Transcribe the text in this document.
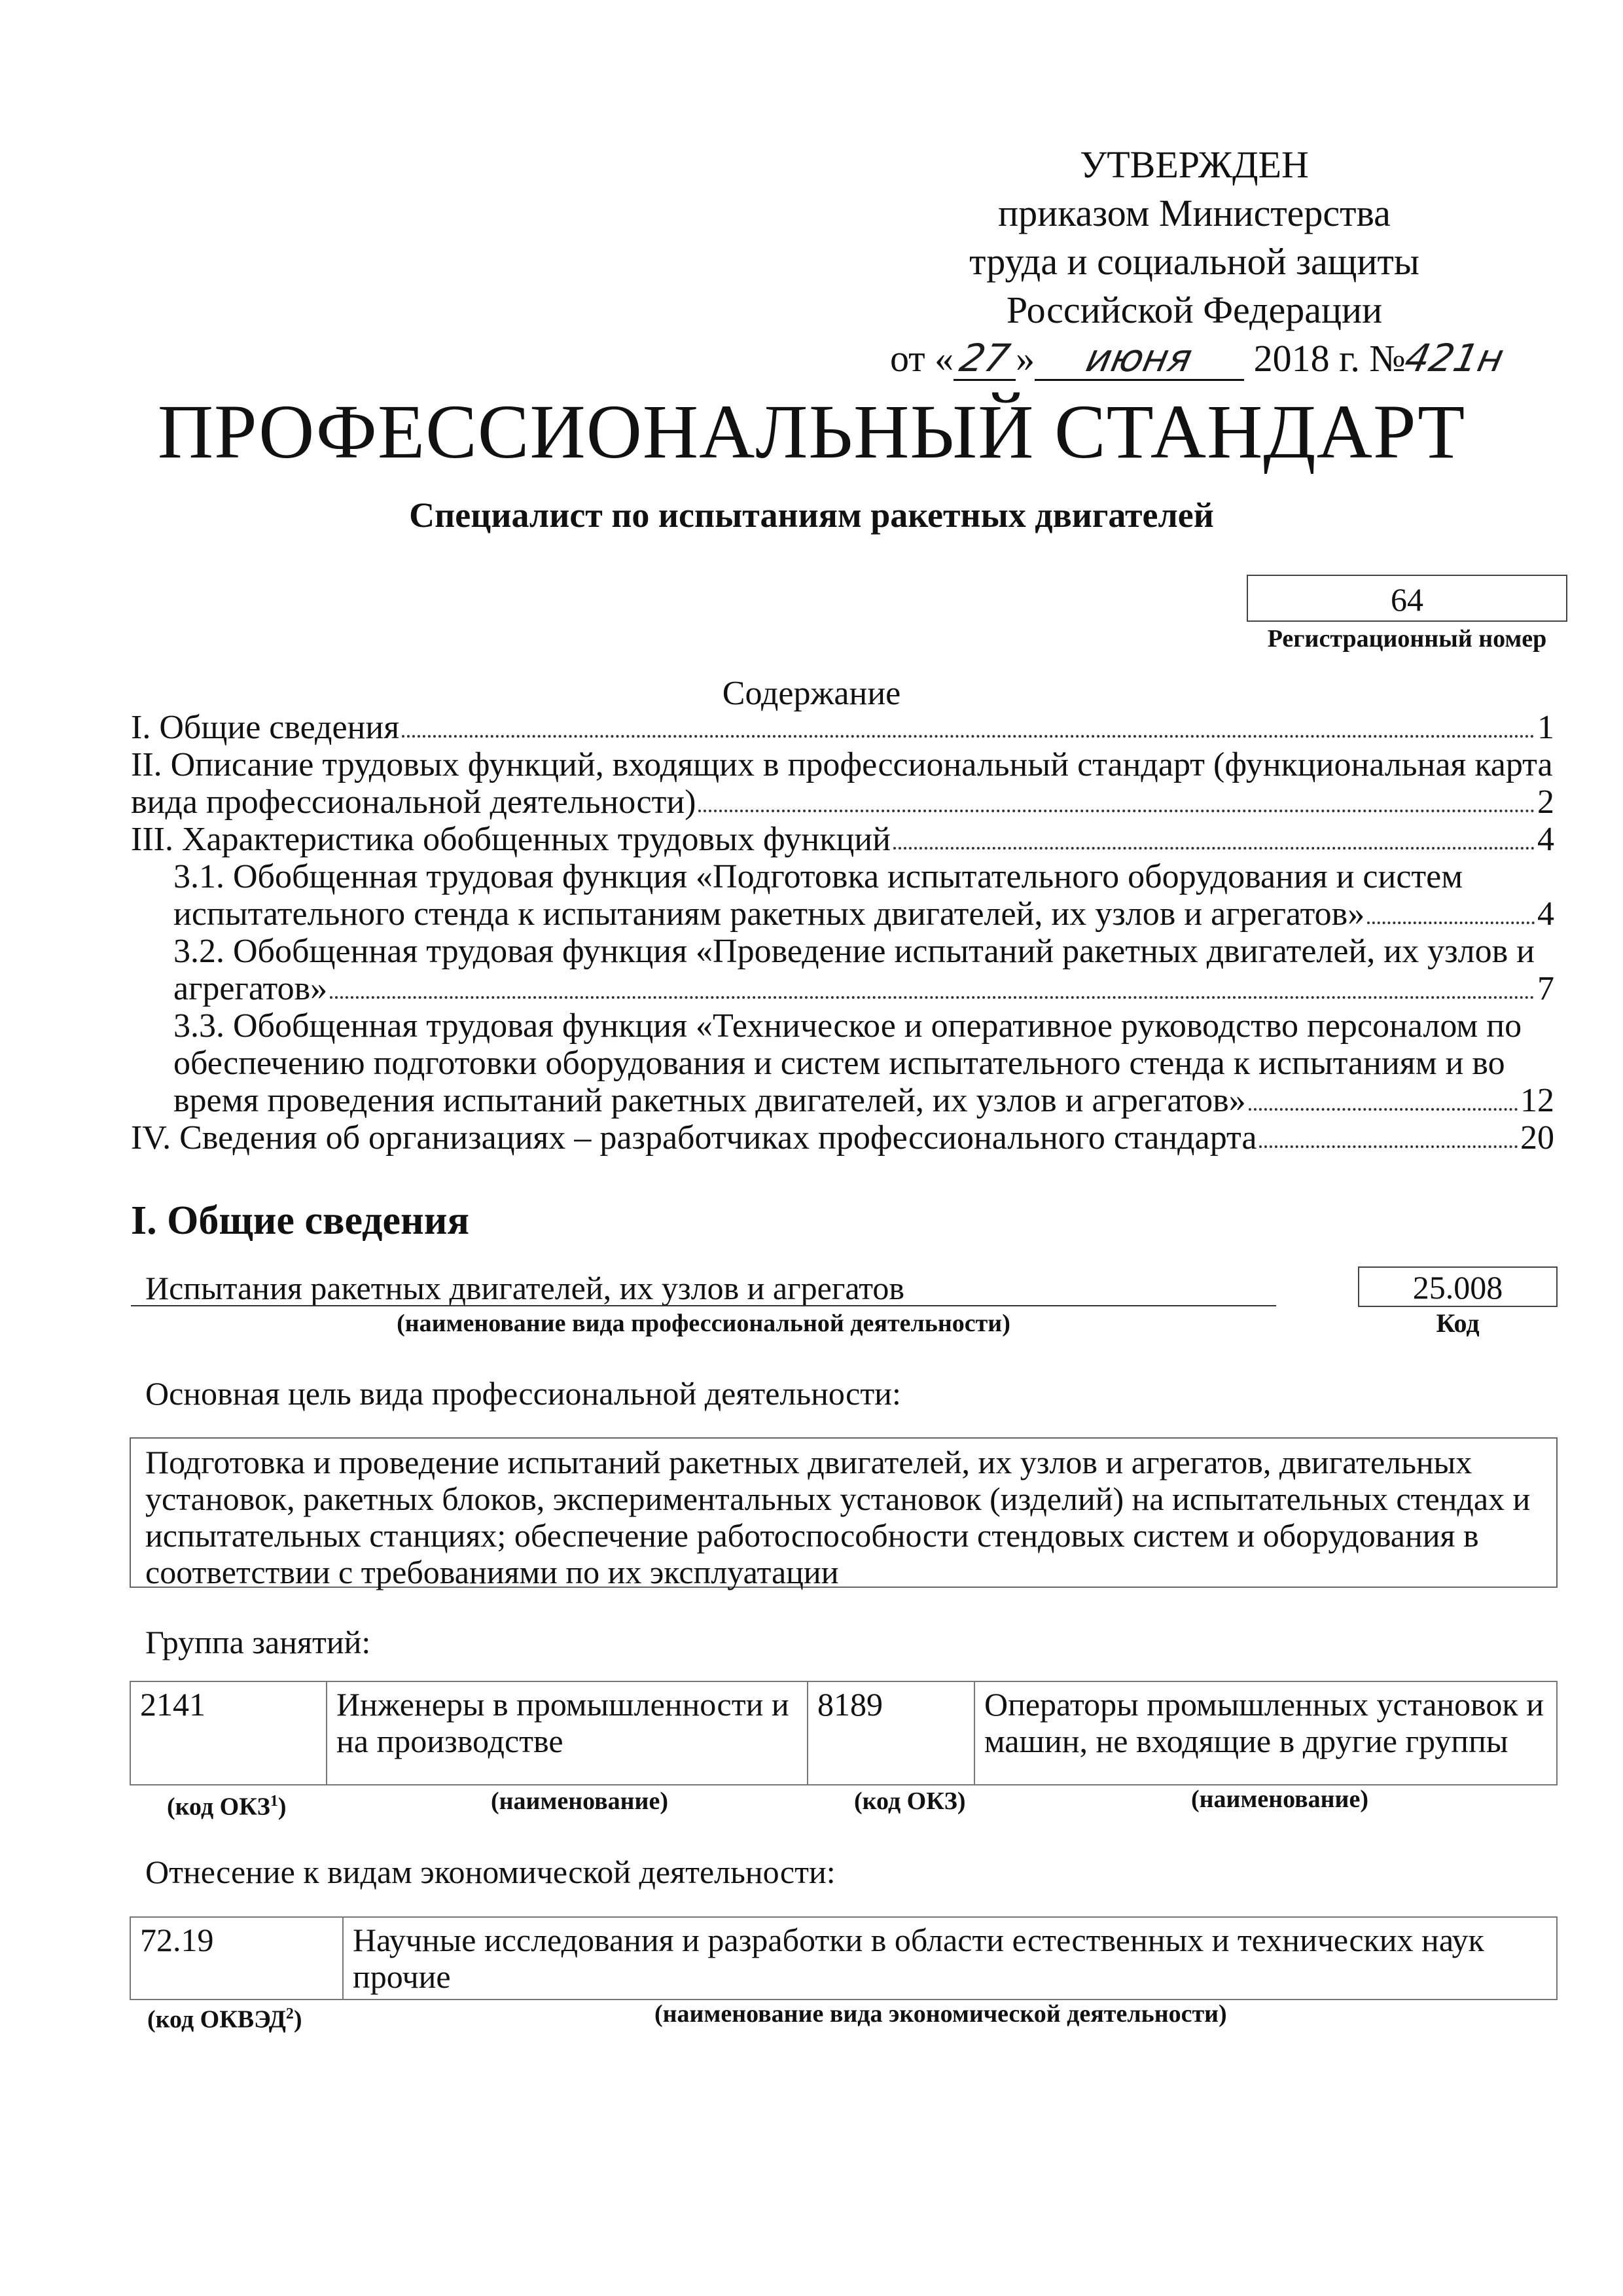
УТВЕРЖДЕН
приказом Министерства
труда и социальной защиты
Российской Федерации
от «27» июня 2018 г. №421н
ПРОФЕССИОНАЛЬНЫЙ СТАНДАРТ
Специалист по испытаниям ракетных двигателей
64
Регистрационный номер
Содержание
I. Общие сведения	1
II. Описание трудовых функций, входящих в профессиональный стандарт (функциональная карта
вида профессиональной деятельности)	2
III. Характеристика обобщенных трудовых функций	4
3.1. Обобщенная трудовая функция «Подготовка испытательного оборудования и систем
испытательного стенда к испытаниям ракетных двигателей, их узлов и агрегатов»	4
3.2. Обобщенная трудовая функция «Проведение испытаний ракетных двигателей, их узлов и
агрегатов»	7
3.3. Обобщенная трудовая функция «Техническое и оперативное руководство персоналом по
обеспечению подготовки оборудования и систем испытательного стенда к испытаниям и во
время проведения испытаний ракетных двигателей, их узлов и агрегатов»	12
IV. Сведения об организациях – разработчиках профессионального стандарта	20
I. Общие сведения
Испытания ракетных двигателей, их узлов и агрегатов
(наименование вида профессиональной деятельности)
25.008
Код
Основная цель вида профессиональной деятельности:
Подготовка и проведение испытаний ракетных двигателей, их узлов и агрегатов, двигательных установок, ракетных блоков, экспериментальных установок (изделий) на испытательных стендах и испытательных станциях; обеспечение работоспособности стендовых систем и оборудования в соответствии с требованиями по их эксплуатации
Группа занятий:
2141	Инженеры в промышленности и на производстве	8189	Операторы промышленных установок и машин, не входящие в другие группы
(код ОКЗ$^1$)	(наименование)	(код ОКЗ)	(наименование)
Отнесение к видам экономической деятельности:
72.19	Научные исследования и разработки в области естественных и технических наук прочие
(код ОКВЭД$^2$)	(наименование вида экономической деятельности)
